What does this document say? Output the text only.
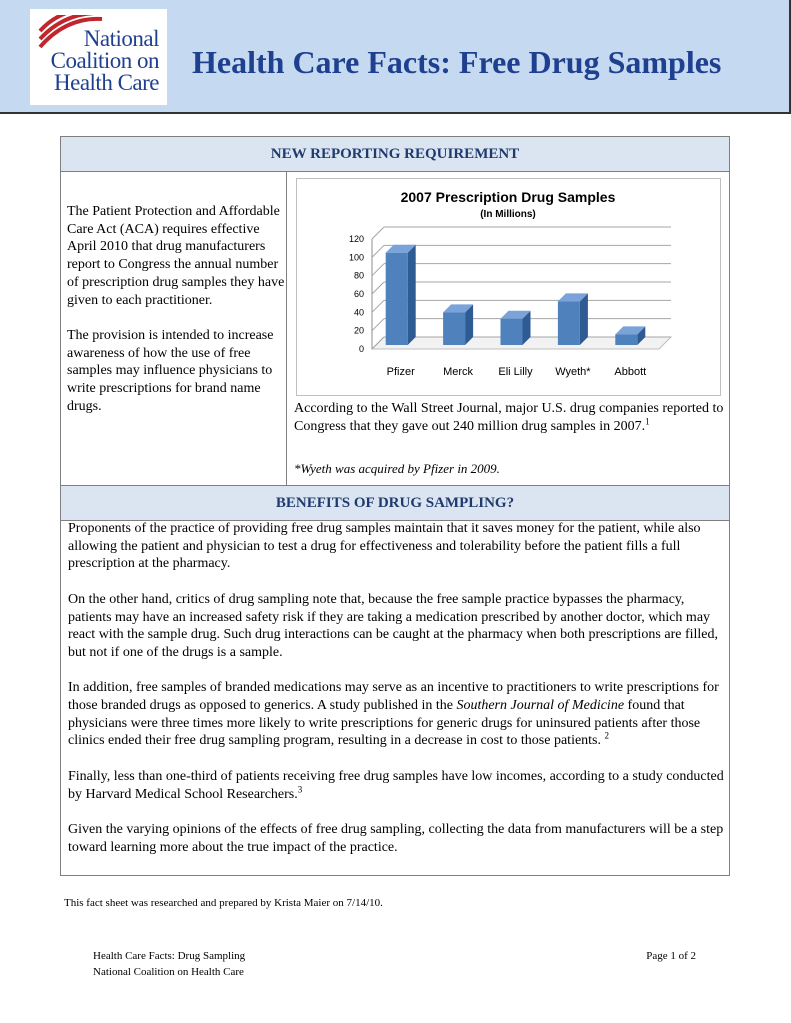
National
Coalition on
Health Care
Health Care Facts: Free Drug Samples
NEW REPORTING REQUIREMENT

The Patient Protection and Affordable Care Act (ACA) requires effective April 2010 that drug manufacturers report to Congress the annual number of prescription drug samples they have given to each practitioner.

The provision is intended to increase awareness of how the use of free samples may influence physicians to write prescriptions for brand name drugs.

2007 Prescription Drug Samples
(In Millions)
0
20
40
60
80
100
120
Pfizer	Merck Eli Lilly Wyeth* Abbott
According to the Wall Street Journal, major U.S. drug companies reported to Congress that they gave out 240 million drug samples in 2007.$^1$
*Wyeth was acquired by Pfizer in 2009.
BENEFITS OF DRUG SAMPLING?

Proponents of the practice of providing free drug samples maintain that it saves money for the patient, while also allowing the patient and physician to test a drug for effectiveness and tolerability before the patient fills a full prescription at the pharmacy.

On the other hand, critics of drug sampling note that, because the free sample practice bypasses the pharmacy, patients may have an increased safety risk if they are taking a medication prescribed by another doctor, which may react with the sample drug. Such drug interactions can be caught at the pharmacy when both prescriptions are filled, but not if one of the drugs is a sample.

In addition, free samples of branded medications may serve as an incentive to practitioners to write prescriptions for those branded drugs as opposed to generics. A study published in the Southern Journal of Medicine found that physicians were three times more likely to write prescriptions for generic drugs for uninsured patients after those clinics ended their free drug sampling program, resulting in a decrease in cost to those patients. $^2$

Finally, less than one-third of patients receiving free drug samples have low incomes, according to a study conducted by Harvard Medical School Researchers.$^3$

Given the varying opinions of the effects of free drug sampling, collecting the data from manufacturers will be a step toward learning more about the true impact of the practice.

This fact sheet was researched and prepared by Krista Maier on 7/14/10.
Health Care Facts: Drug Sampling
National Coalition on Health Care
Page 1 of 2
